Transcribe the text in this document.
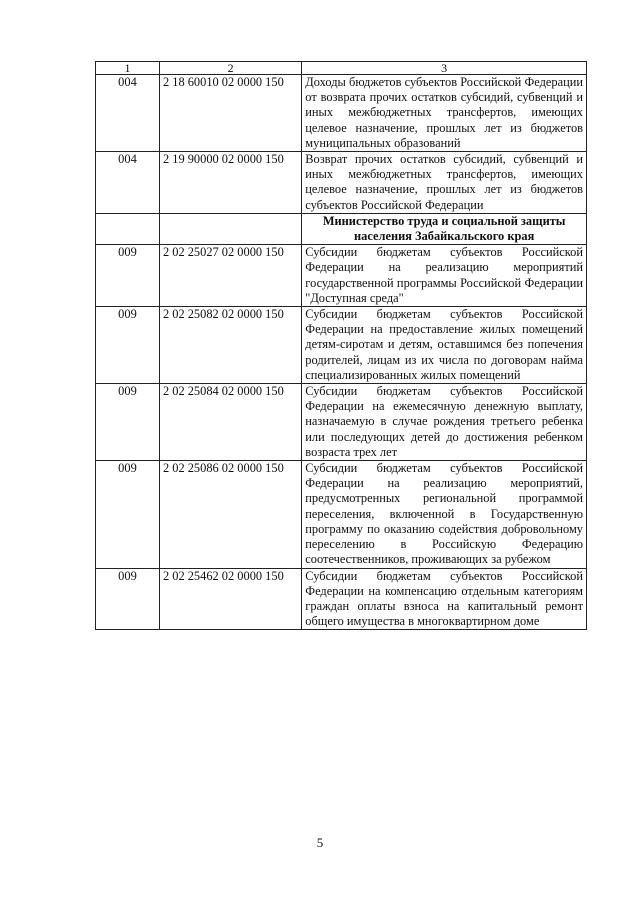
1	2	3
004	2 18 60010 02 0000 150	Доходы бюджетов субъектов Российской Федерации от возврата прочих остатков субсидий, субвенций и иных межбюджетных трансфертов, имеющих целевое назначение, прошлых лет из бюджетов муниципальных образований

004	2 19 90000 02 0000 150	Возврат прочих остатков субсидий, субвенций и иных межбюджетных трансфертов, имеющих целевое назначение, прошлых лет из бюджетов субъектов Российской Федерации

		Министерство труда и социальной защиты населения Забайкальского края

009	2 02 25027 02 0000 150	Субсидии бюджетам субъектов Российской Федерации на реализацию мероприятий государственной программы Российской Федерации "Доступная среда"

009	2 02 25082 02 0000 150	Субсидии бюджетам субъектов Российской Федерации на предоставление жилых помещений детям-сиротам и детям, оставшимся без попечения родителей, лицам из их числа по договорам найма специализированных жилых помещений

009	2 02 25084 02 0000 150	Субсидии бюджетам субъектов Российской Федерации на ежемесячную денежную выплату, назначаемую в случае рождения третьего ребенка или последующих детей до достижения ребенком возраста трех лет

009	2 02 25086 02 0000 150	Субсидии бюджетам субъектов Российской Федерации на реализацию мероприятий, предусмотренных региональной программой переселения, включенной в Государственную программу по оказанию содействия добровольному переселению в Российскую Федерацию соотечественников, проживающих за рубежом

009	2 02 25462 02 0000 150	Субсидии бюджетам субъектов Российской Федерации на компенсацию отдельным категориям граждан оплаты взноса на капитальный ремонт общего имущества в многоквартирном доме
5
